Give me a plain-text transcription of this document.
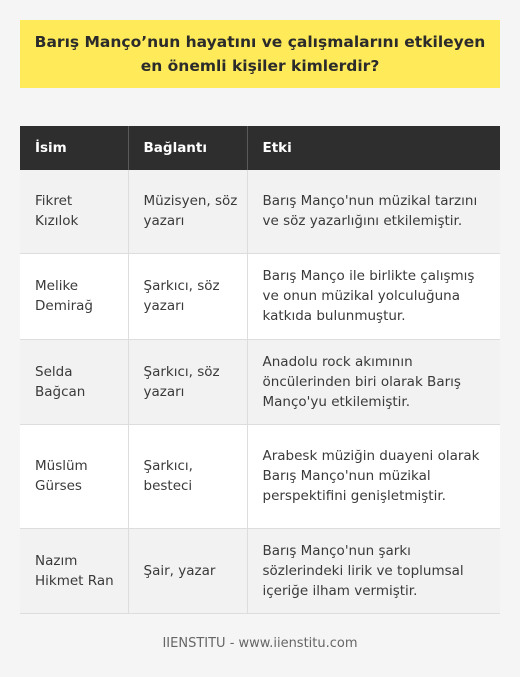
Barış Manço’nun hayatını ve çalışmalarını etkileyen en önemli kişiler kimlerdir?
İsim	Bağlantı	Etki
Fikret Kızılok	Müzisyen, söz yazarı	Barış Manço'nun müzikal tarzını ve söz yazarlığını etkilemiştir.
Melike Demirağ	Şarkıcı, söz yazarı	Barış Manço ile birlikte çalışmış ve onun müzikal yolculuğuna katkıda bulunmuştur.
Selda Bağcan	Şarkıcı, söz yazarı	Anadolu rock akımının öncülerinden biri olarak Barış Manço'yu etkilemiştir.
Müslüm Gürses	Şarkıcı, besteci	Arabesk müziğin duayeni olarak Barış Manço'nun müzikal perspektifini genişletmiştir.
Nazım Hikmet Ran	Şair, yazar	Barış Manço'nun şarkı sözlerindeki lirik ve toplumsal içeriğe ilham vermiştir.
IIENSTITU - www.iienstitu.com
